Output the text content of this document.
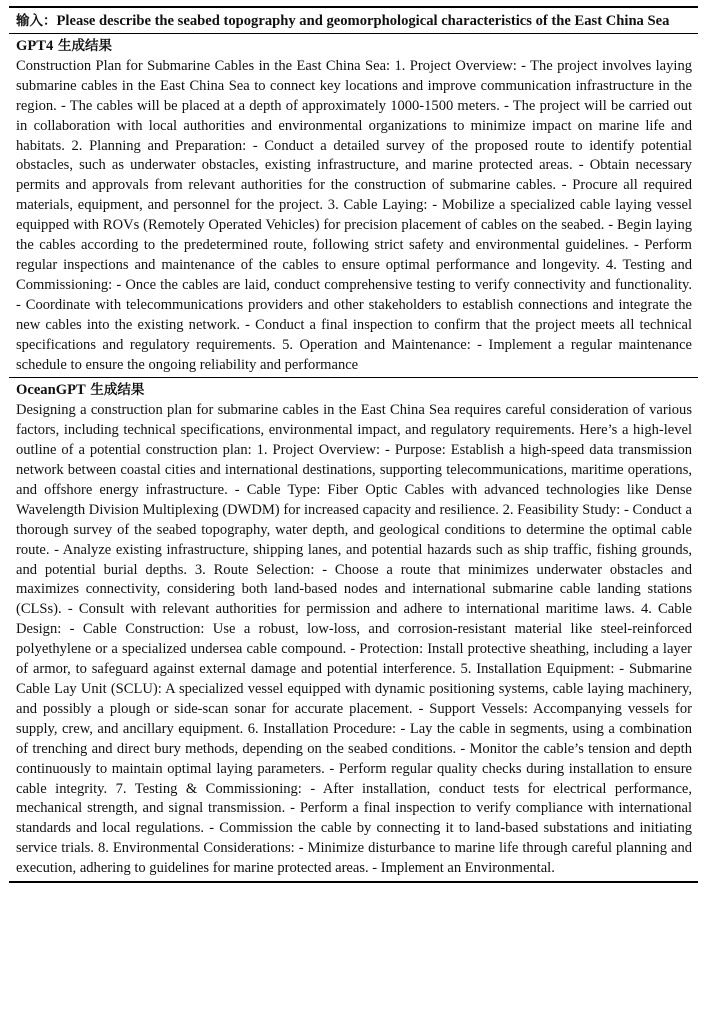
输入：Please describe the seabed topography and geomorphological characteristics of the East China Sea
GPT4 生成结果
Construction Plan for Submarine Cables in the East China Sea: 1. Project Overview: - The project involves laying submarine cables in the East China Sea to connect key locations and improve communication infrastructure in the region. - The cables will be placed at a depth of approximately 1000-1500 meters. - The project will be carried out in collaboration with local authorities and environmental organizations to minimize impact on marine life and habitats. 2. Planning and Preparation: - Conduct a detailed survey of the proposed route to identify potential obstacles, such as underwater obstacles, existing infrastructure, and marine protected areas. - Obtain necessary permits and approvals from relevant authorities for the construction of submarine cables. - Procure all required materials, equipment, and personnel for the project. 3. Cable Laying: - Mobilize a specialized cable laying vessel equipped with ROVs (Remotely Operated Vehicles) for precision placement of cables on the seabed. - Begin laying the cables according to the predetermined route, following strict safety and environmental guidelines. - Perform regular inspections and maintenance of the cables to ensure optimal performance and longevity. 4. Testing and Commissioning: - Once the cables are laid, conduct comprehensive testing to verify connectivity and functionality. - Coordinate with telecommunications providers and other stakeholders to establish connections and integrate the new cables into the existing network. - Conduct a final inspection to confirm that the project meets all technical specifications and regulatory requirements. 5. Operation and Maintenance: - Implement a regular maintenance schedule to ensure the ongoing reliability and performance
OceanGPT 生成结果
Designing a construction plan for submarine cables in the East China Sea requires careful consideration of various factors, including technical specifications, environmental impact, and regulatory requirements. Here’s a high-level outline of a potential construction plan: 1. Project Overview: - Purpose: Establish a high-speed data transmission network between coastal cities and international destinations, supporting telecommunications, maritime operations, and offshore energy infrastructure. - Cable Type: Fiber Optic Cables with advanced technologies like Dense Wavelength Division Multiplexing (DWDM) for increased capacity and resilience. 2. Feasibility Study: - Conduct a thorough survey of the seabed topography, water depth, and geological conditions to determine the optimal cable route. - Analyze existing infrastructure, shipping lanes, and potential hazards such as ship traffic, fishing grounds, and potential burial depths. 3. Route Selection: - Choose a route that minimizes underwater obstacles and maximizes connectivity, considering both land-based nodes and international submarine cable landing stations (CLSs). - Consult with relevant authorities for permission and adhere to international maritime laws. 4. Cable Design: - Cable Construction: Use a robust, low-loss, and corrosion-resistant material like steel-reinforced polyethylene or a specialized undersea cable compound. - Protection: Install protective sheathing, including a layer of armor, to safeguard against external damage and potential interference. 5. Installation Equipment: - Submarine Cable Lay Unit (SCLU): A specialized vessel equipped with dynamic positioning systems, cable laying machinery, and possibly a plough or side-scan sonar for accurate placement. - Support Vessels: Accompanying vessels for supply, crew, and ancillary equipment. 6. Installation Procedure: - Lay the cable in segments, using a combination of trenching and direct bury methods, depending on the seabed conditions. - Monitor the cable’s tension and depth continuously to maintain optimal laying parameters. - Perform regular quality checks during installation to ensure cable integrity. 7. Testing & Commissioning: - After installation, conduct tests for electrical performance, mechanical strength, and signal transmission. - Perform a final inspection to verify compliance with international standards and local regulations. - Commission the cable by connecting it to land-based substations and initiating service trials. 8. Environmental Considerations: - Minimize disturbance to marine life through careful planning and execution, adhering to guidelines for marine protected areas. - Implement an Environmental.
